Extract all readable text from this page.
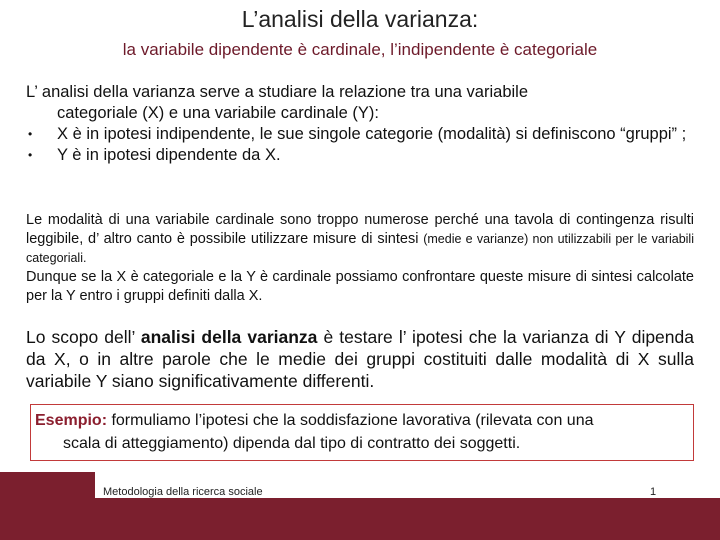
L’analisi della varianza:
la variabile dipendente è cardinale, l’indipendente è categoriale
L’ analisi della varianza serve a studiare la relazione tra una variabile
categoriale (X) e una variabile cardinale (Y):
• X è in ipotesi indipendente, le sue singole categorie (modalità) si definiscono “gruppi” ;
• Y è in ipotesi dipendente da X.
Le modalità di una variabile cardinale sono troppo numerose perché una tavola di contingenza risulti leggibile, d’ altro canto è possibile utilizzare misure di sintesi (medie e varianze) non utilizzabili per le variabili categoriali.
Dunque se la X è categoriale e la Y è cardinale possiamo confrontare queste misure di sintesi calcolate per la Y entro i gruppi definiti dalla X.
Lo scopo dell’ analisi della varianza è testare l’ ipotesi che la varianza di Y dipenda da X, o in altre parole che le medie dei gruppi costituiti dalle modalità di X sulla variabile Y siano significativamente differenti.
Esempio: formuliamo l’ipotesi che la soddisfazione lavorativa (rilevata con una
scala di atteggiamento) dipenda dal tipo di contratto dei soggetti.
Metodologia della ricerca sociale	1
